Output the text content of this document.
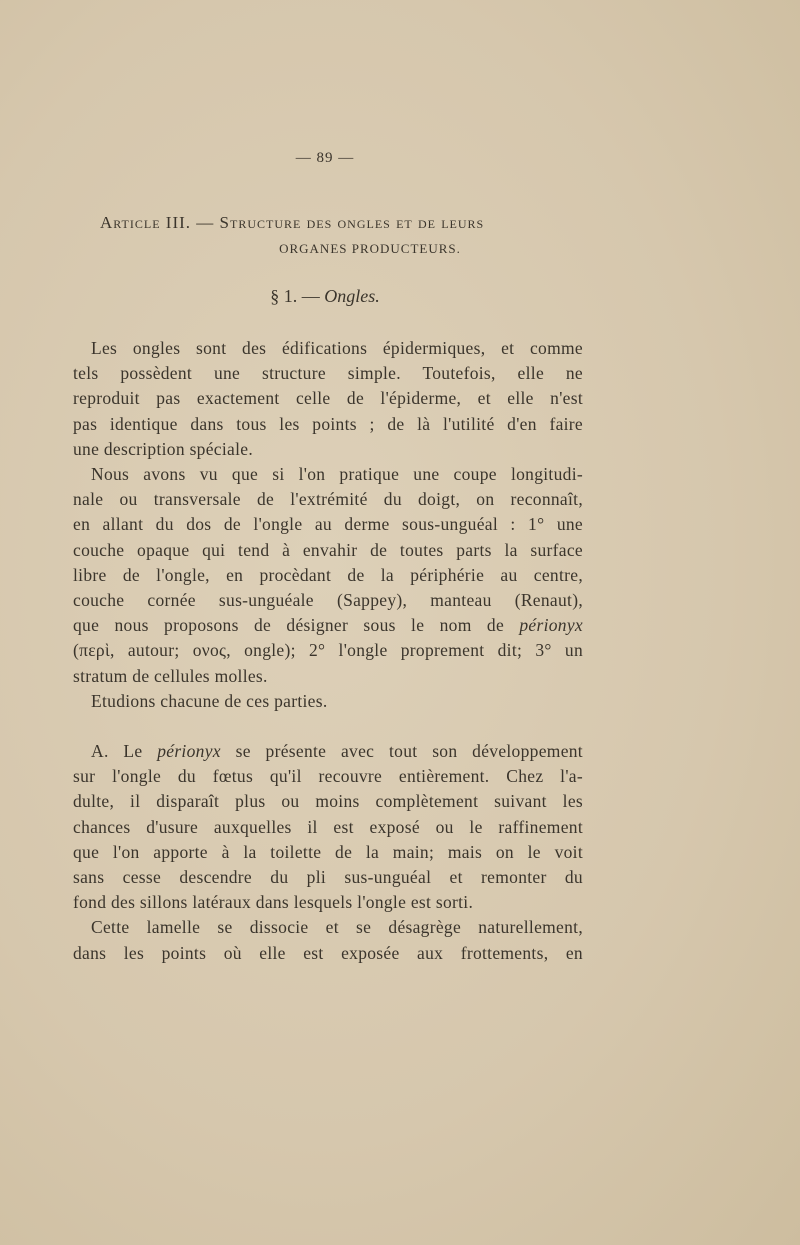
— 89 —
Article III. — Structure des ongles et de leurs
ORGANES PRODUCTEURS.
§ 1. — Ongles.

Les ongles sont des édifications épidermiques, et comme

tels possèdent une structure simple. Toutefois, elle ne

reproduit pas exactement celle de l'épiderme, et elle n'est

pas identique dans tous les points ; de là l'utilité d'en faire

une description spéciale.

Nous avons vu que si l'on pratique une coupe longitudi-

nale ou transversale de l'extrémité du doigt, on reconnaît,

en allant du dos de l'ongle au derme sous-unguéal : 1° une

couche opaque qui tend à envahir de toutes parts la surface

libre de l'ongle, en procèdant de la périphérie au centre,

couche cornée sus-unguéale (Sappey), manteau (Renaut),

que nous proposons de désigner sous le nom de périonyx

(περὶ, autour; ονος, ongle); 2° l'ongle proprement dit; 3° un

stratum de cellules molles.

Etudions chacune de ces parties.

A. Le périonyx se présente avec tout son développement

sur l'ongle du fœtus qu'il recouvre entièrement. Chez l'a-

dulte, il disparaît plus ou moins complètement suivant les

chances d'usure auxquelles il est exposé ou le raffinement

que l'on apporte à la toilette de la main; mais on le voit

sans cesse descendre du pli sus-unguéal et remonter du

fond des sillons latéraux dans lesquels l'ongle est sorti.

Cette lamelle se dissocie et se désagrège naturellement,

dans les points où elle est exposée aux frottements, en
